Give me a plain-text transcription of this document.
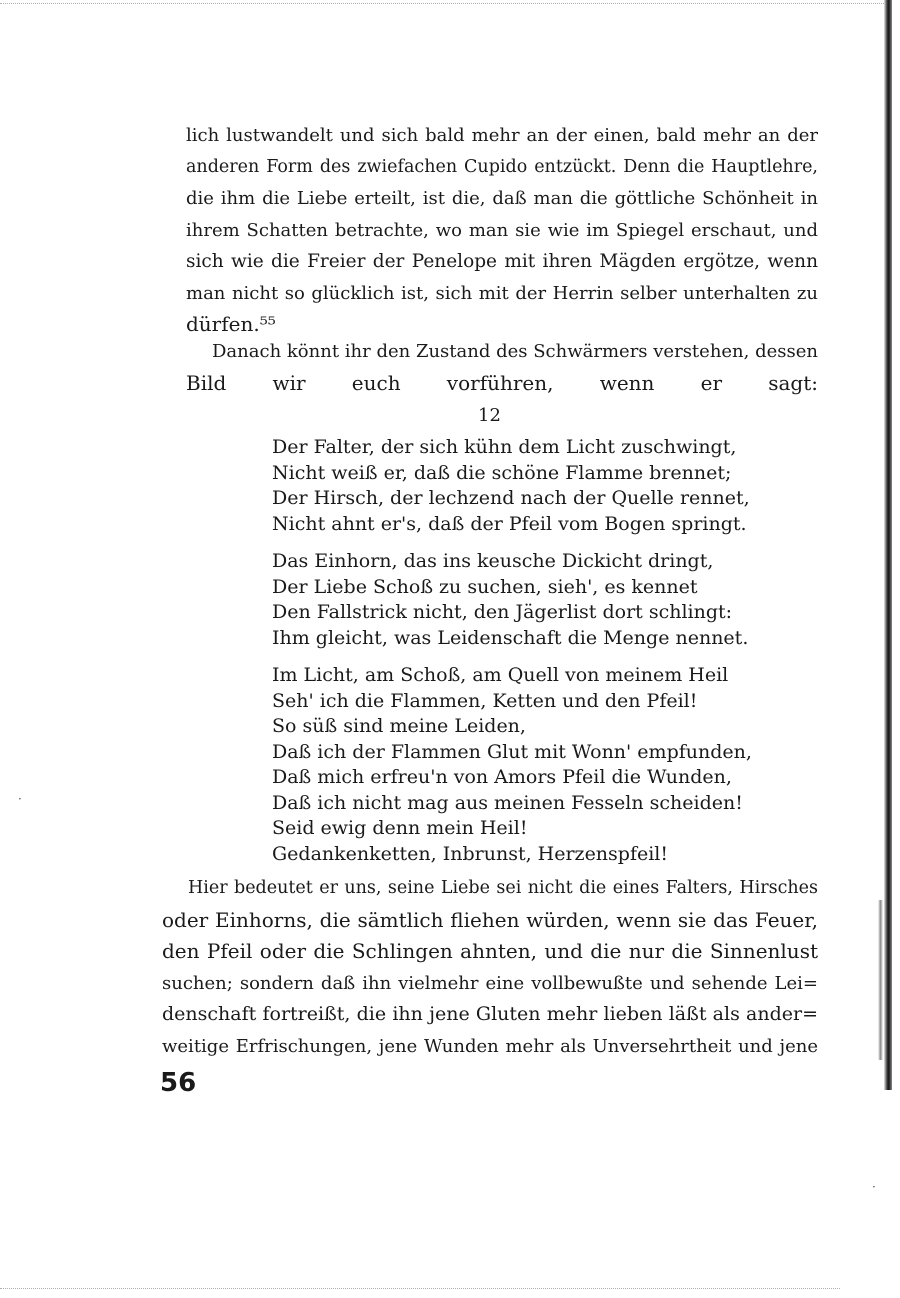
·
·
lich lustwandelt und sich bald mehr an der einen, bald mehr an der
anderen Form des zwiefachen Cupido entzückt. Denn die Hauptlehre,
die ihm die Liebe erteilt, ist die, daß man die göttliche Schönheit in
ihrem Schatten betrachte, wo man sie wie im Spiegel erschaut, und
sich wie die Freier der Penelope mit ihren Mägden ergötze, wenn
man nicht so glücklich ist, sich mit der Herrin selber unterhalten zu
dürfen.⁵⁵
Danach könnt ihr den Zustand des Schwärmers verstehen, dessen
Bild wir euch vorführen, wenn er sagt:
12
Der Falter, der sich kühn dem Licht zuschwingt,
Nicht weiß er, daß die schöne Flamme brennet;
Der Hirsch, der lechzend nach der Quelle rennet,
Nicht ahnt er's, daß der Pfeil vom Bogen springt.
Das Einhorn, das ins keusche Dickicht dringt,
Der Liebe Schoß zu suchen, sieh', es kennet
Den Fallstrick nicht, den Jägerlist dort schlingt:
Ihm gleicht, was Leidenschaft die Menge nennet.
Im Licht, am Schoß, am Quell von meinem Heil
Seh' ich die Flammen, Ketten und den Pfeil!
So süß sind meine Leiden,
Daß ich der Flammen Glut mit Wonn' empfunden,
Daß mich erfreu'n von Amors Pfeil die Wunden,
Daß ich nicht mag aus meinen Fesseln scheiden!
Seid ewig denn mein Heil!
Gedankenketten, Inbrunst, Herzenspfeil!
Hier bedeutet er uns, seine Liebe sei nicht die eines Falters, Hirsches
oder Einhorns, die sämtlich fliehen würden, wenn sie das Feuer,
den Pfeil oder die Schlingen ahnten, und die nur die Sinnenlust
suchen; sondern daß ihn vielmehr eine vollbewußte und sehende Lei=
denschaft fortreißt, die ihn jene Gluten mehr lieben läßt als ander=
weitige Erfrischungen, jene Wunden mehr als Unversehrtheit und jene
56
